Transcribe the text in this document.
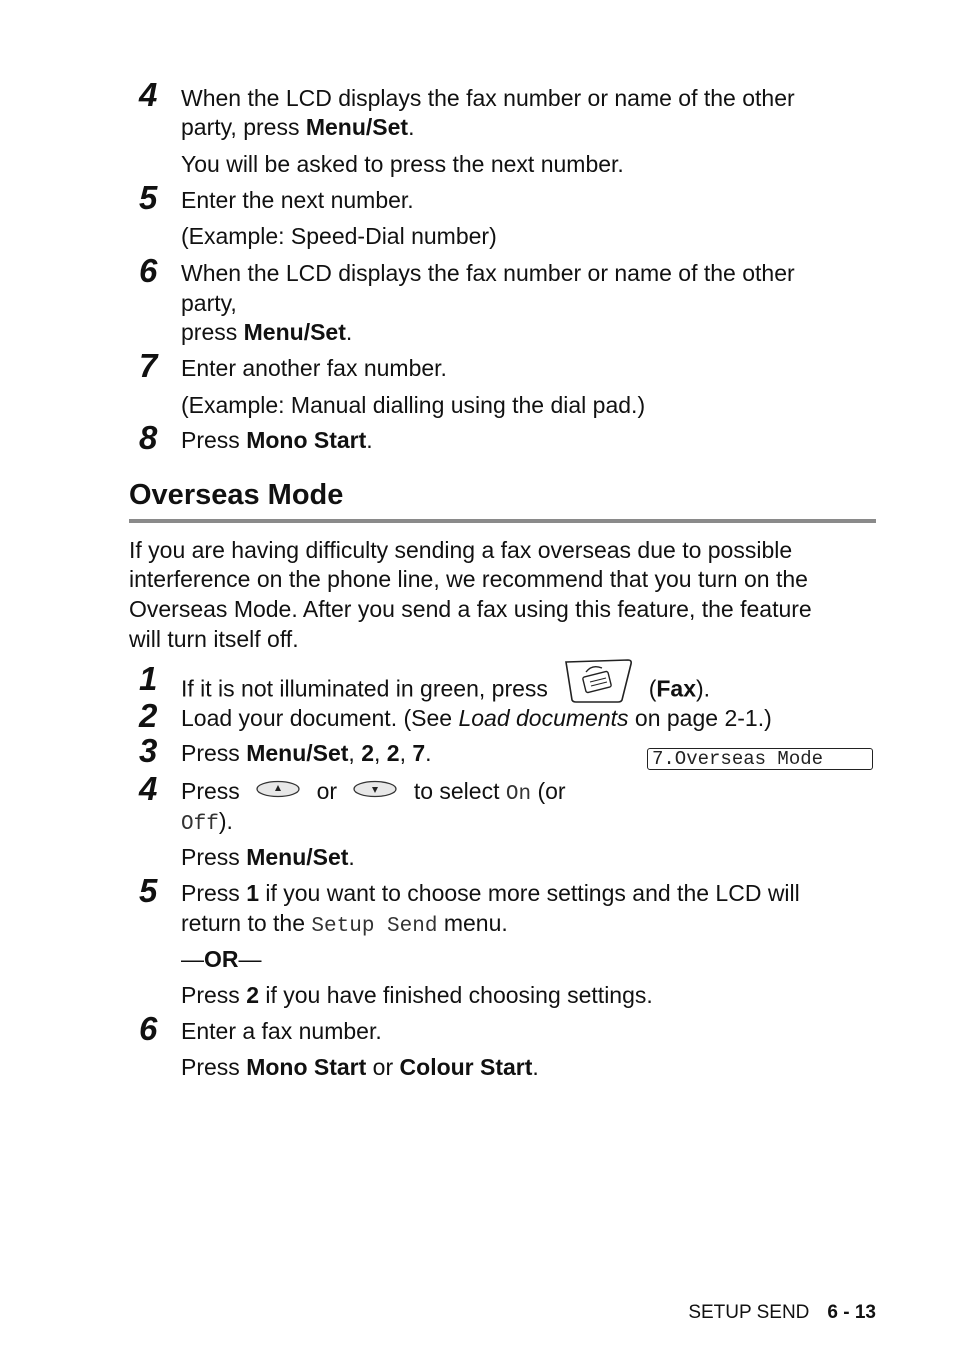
4 When the LCD displays the fax number or name of the other
party, press Menu/Set.
You will be asked to press the next number.
5 Enter the next number.
(Example: Speed-Dial number)
6 When the LCD displays the fax number or name of the other
party,
press Menu/Set.
7 Enter another fax number.
(Example: Manual dialling using the dial pad.)
8 Press Mono Start.
Overseas Mode
If you are having difficulty sending a fax overseas due to possible
interference on the phone line, we recommend that you turn on the
Overseas Mode. After you send a fax using this feature, the feature
will turn itself off.
1 If it is not illuminated in green, press	(Fax).
2 Load your document. (See Load documents on page 2-1.)
3 Press Menu/Set, 2, 2, 7.	7.Overseas Mode
4 Press	or	to select On (or
Off).
Press Menu/Set.
5 Press 1 if you want to choose more settings and the LCD will
return to the Setup Send menu.
—OR—
Press 2 if you have finished choosing settings.
6 Enter a fax number.
Press Mono Start or Colour Start.
SETUP SEND 6 - 13
